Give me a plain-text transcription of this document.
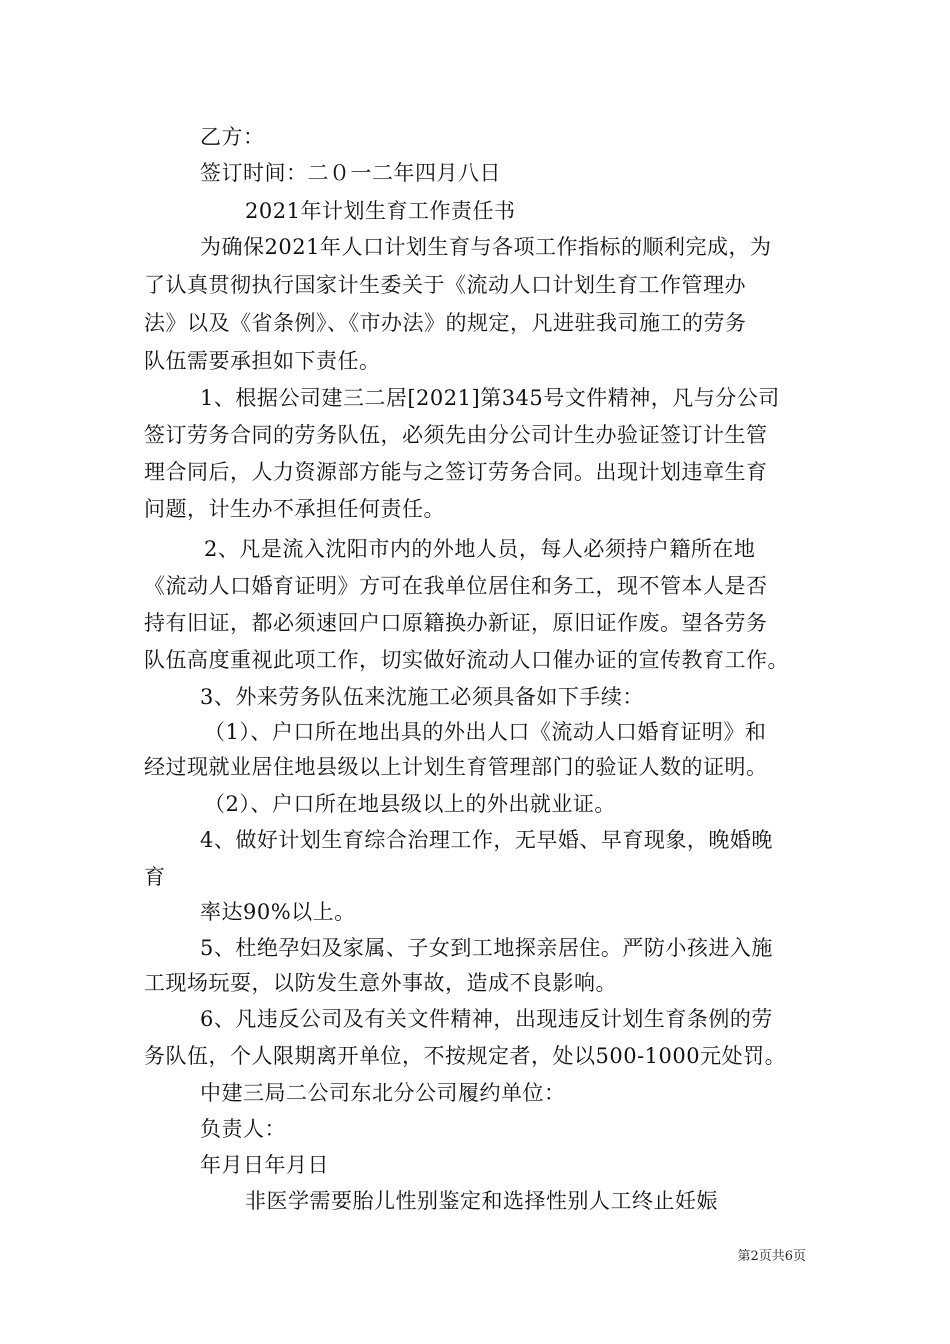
乙方：
签订时间：二０一二年四月八日
2021年计划生育工作责任书
为确保2021年人口计划生育与各项工作指标的顺利完成，为
了认真贯彻执行国家计生委关于《流动人口计划生育工作管理办
法》以及《省条例》、《市办法》的规定，凡进驻我司施工的劳务
队伍需要承担如下责任。
1、根据公司建三二居[2021]第345号文件精神，凡与分公司
签订劳务合同的劳务队伍，必须先由分公司计生办验证签订计生管
理合同后，人力资源部方能与之签订劳务合同。出现计划违章生育
问题，计生办不承担任何责任。
2、凡是流入沈阳市内的外地人员，每人必须持户籍所在地
《流动人口婚育证明》方可在我单位居住和务工，现不管本人是否
持有旧证，都必须速回户口原籍换办新证，原旧证作废。望各劳务
队伍高度重视此项工作，切实做好流动人口催办证的宣传教育工作。
3、外来劳务队伍来沈施工必须具备如下手续：
（1）、户口所在地出具的外出人口《流动人口婚育证明》和
经过现就业居住地县级以上计划生育管理部门的验证人数的证明。
（2）、户口所在地县级以上的外出就业证。
4、做好计划生育综合治理工作，无早婚、早育现象，晚婚晚
育
率达90%以上。
5、杜绝孕妇及家属、子女到工地探亲居住。严防小孩进入施
工现场玩耍，以防发生意外事故，造成不良影响。
6、凡违反公司及有关文件精神，出现违反计划生育条例的劳
务队伍，个人限期离开单位，不按规定者，处以500-1000元处罚。
中建三局二公司东北分公司履约单位：
负责人：
年月日年月日
非医学需要胎儿性别鉴定和选择性别人工终止妊娠
第2页共6页
